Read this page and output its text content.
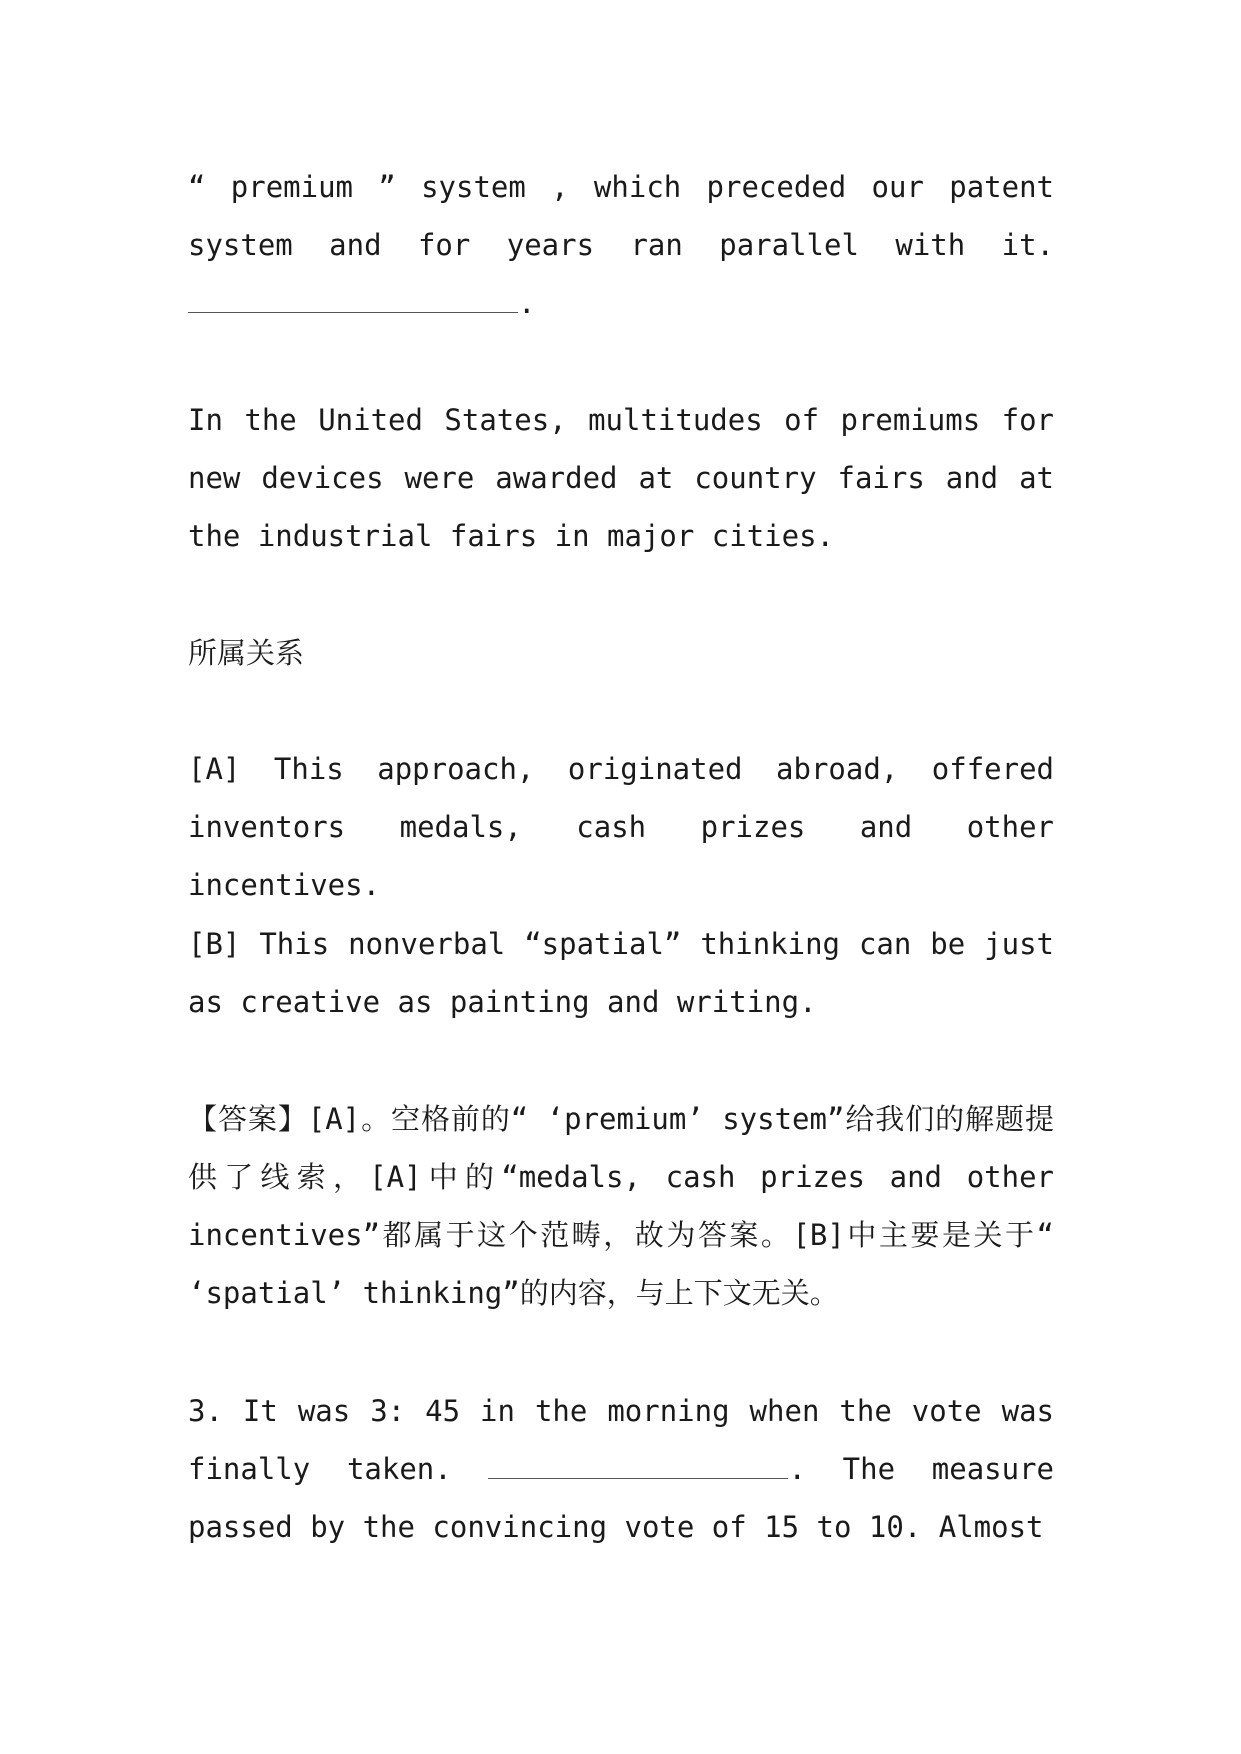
“ premium ” system , which preceded our patent system and for years ran parallel with it. .
In the United States, multitudes of premiums for new devices were awarded at country fairs and at the industrial fairs in major cities.
所属关系
[A] This approach, originated abroad, offered inventors medals, cash prizes and other incentives.
[B] This nonverbal “spatial” thinking can be just as creative as painting and writing.
【答案】[A]。空格前的“ ‘premium’ system”给我们的解题提供了线索，[A]中的“medals, cash prizes and other incentives”都属于这个范畴，故为答案。[B]中主要是关于“ ‘spatial’ thinking”的内容，与上下文无关。
3. It was 3: 45 in the morning when the vote was finally taken.	. The measure passed by the convincing vote of 15 to 10. Almost
